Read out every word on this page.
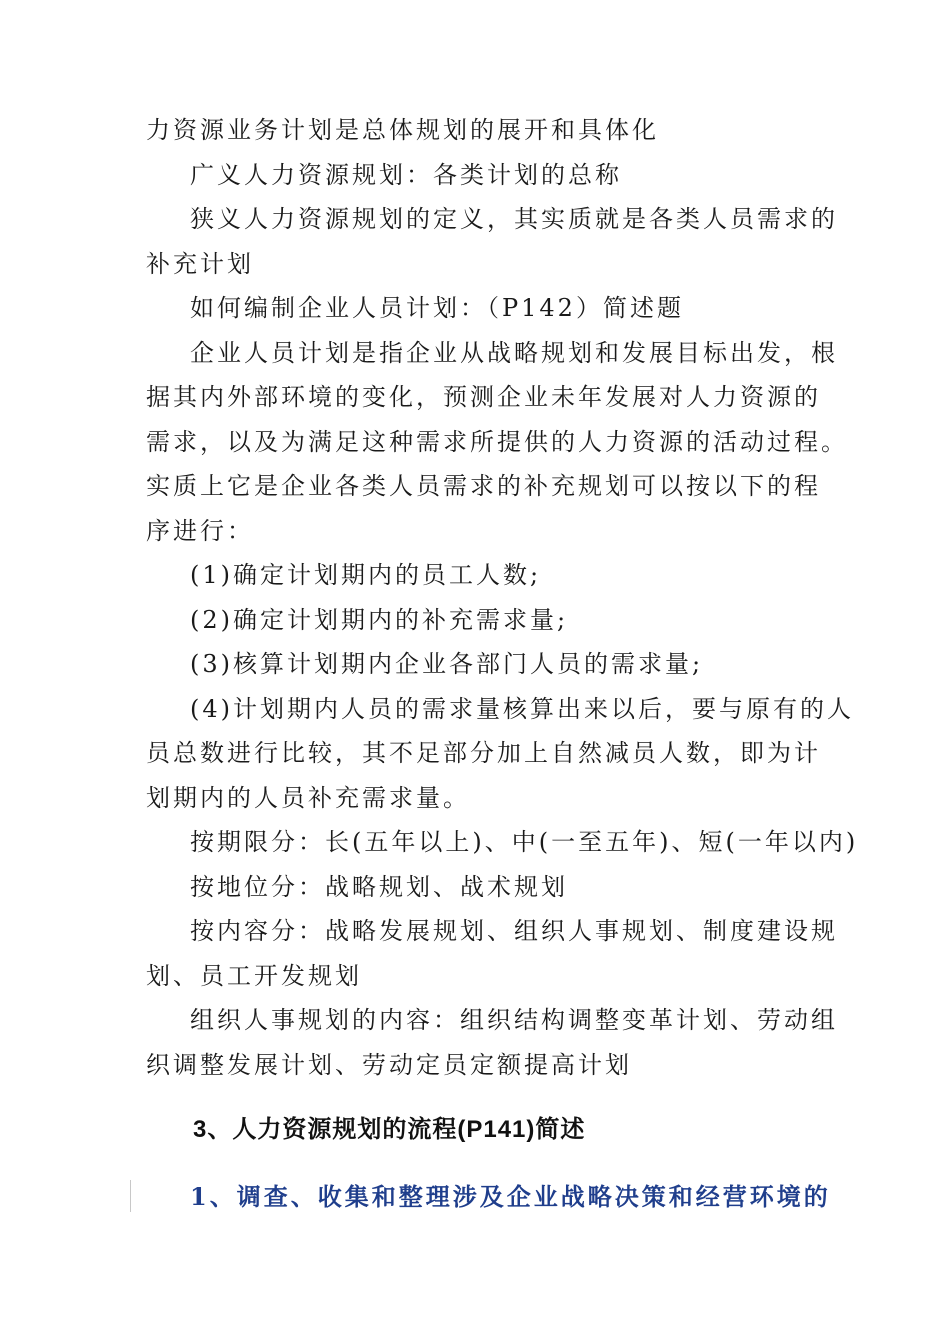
力资源业务计划是总体规划的展开和具体化
广义人力资源规划：各类计划的总称
狭义人力资源规划的定义，其实质就是各类人员需求的
补充计划
如何编制企业人员计划：（P142）简述题
企业人员计划是指企业从战略规划和发展目标出发，根
据其内外部环境的变化，预测企业未年发展对人力资源的
需求，以及为满足这种需求所提供的人力资源的活动过程。
实质上它是企业各类人员需求的补充规划可以按以下的程
序进行：
(1)确定计划期内的员工人数;
(2)确定计划期内的补充需求量;
(3)核算计划期内企业各部门人员的需求量;
(4)计划期内人员的需求量核算出来以后，要与原有的人
员总数进行比较，其不足部分加上自然减员人数，即为计
划期内的人员补充需求量。
按期限分：长(五年以上)、中(一至五年)、短(一年以内)
按地位分：战略规划、战术规划
按内容分：战略发展规划、组织人事规划、制度建设规
划、员工开发规划
组织人事规划的内容：组织结构调整变革计划、劳动组
织调整发展计划、劳动定员定额提高计划
3、人力资源规划的流程(P141)简述
1、调查、收集和整理涉及企业战略决策和经营环境的
